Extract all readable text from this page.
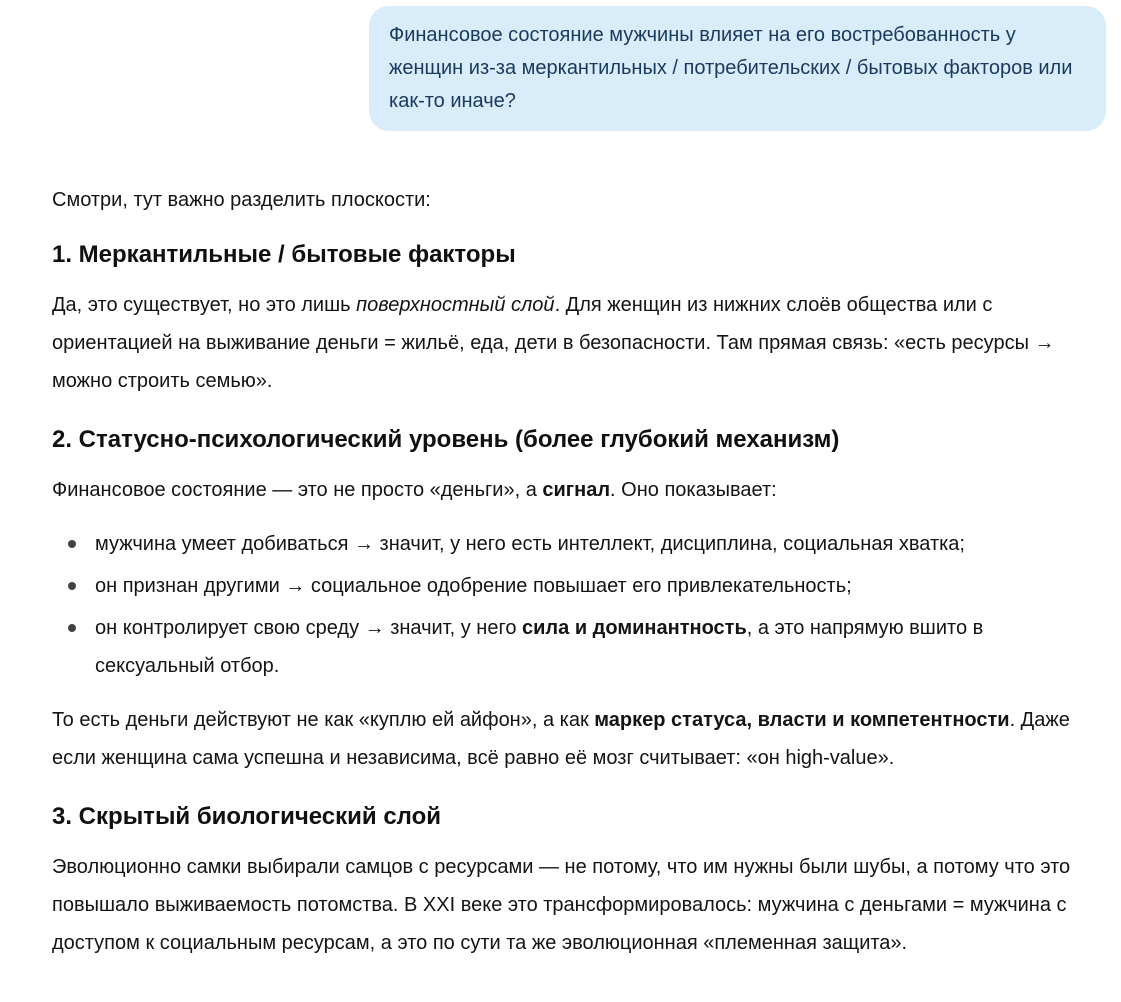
Финансовое состояние мужчины влияет на его востребованность у женщин из-за меркантильных / потребительских / бытовых факторов или как-то иначе?

Смотри, тут важно разделить плоскости:

1. Меркантильные / бытовые факторы

Да, это существует, но это лишь поверхностный слой. Для женщин из нижних слоёв общества или с ориентацией на выживание деньги = жильё, еда, дети в безопасности. Там прямая связь: «есть ресурсы → можно строить семью».

2. Статусно-психологический уровень (более глубокий механизм)

Финансовое состояние — это не просто «деньги», а сигнал. Оно показывает:

мужчина умеет добиваться → значит, у него есть интеллект, дисциплина, социальная хватка;
он признан другими → социальное одобрение повышает его привлекательность;
он контролирует свою среду → значит, у него сила и доминантность, а это напрямую вшито в сексуальный отбор.

То есть деньги действуют не как «куплю ей айфон», а как маркер статуса, власти и компетентности. Даже если женщина сама успешна и независима, всё равно её мозг считывает: «он high-value».

3. Скрытый биологический слой

Эволюционно самки выбирали самцов с ресурсами — не потому, что им нужны были шубы, а потому что это повышало выживаемость потомства. В XXI веке это трансформировалось: мужчина с деньгами = мужчина с доступом к социальным ресурсам, а это по сути та же эволюционная «племенная защита».
